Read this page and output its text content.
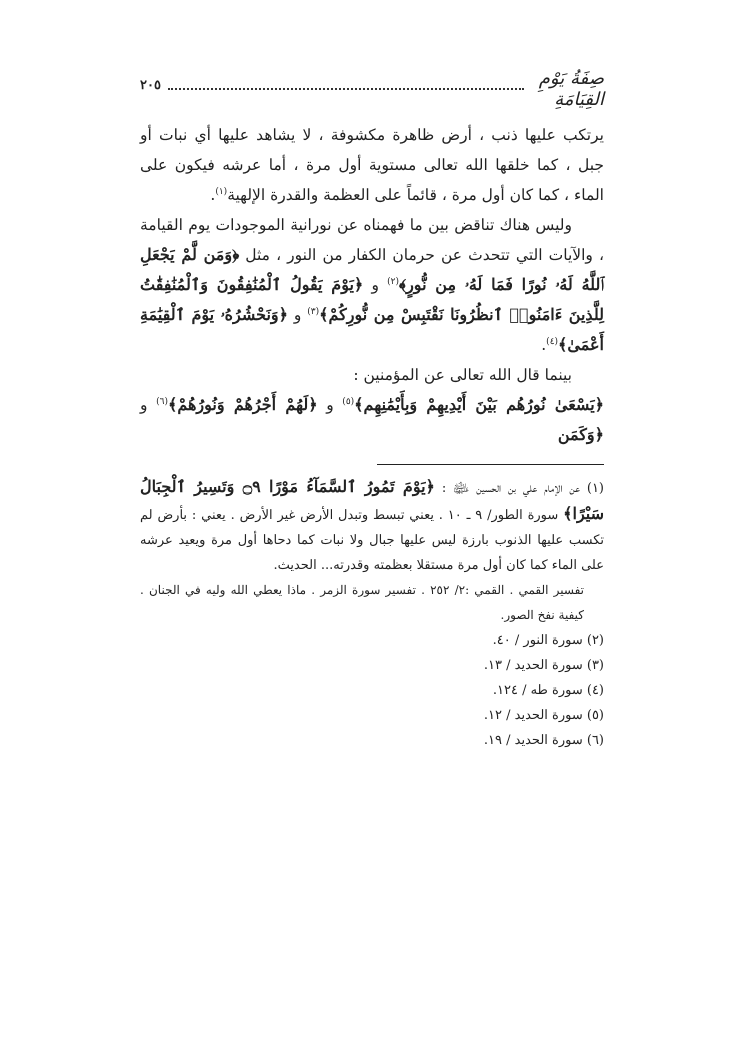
٢٠٥	صِفَةُ يَوْمِ القِيَامَةِ

يرتكب عليها ذنب ، أرض ظاهرة مكشوفة ، لا يشاهد عليها أي نبات أو جبل ، كما خلقها الله تعالى مستوية أول مرة ، أما عرشه فيكون على الماء ، كما كان أول مرة ، قائماً على العظمة والقدرة الإلهية$^{(١)}$.

وليس هناك تناقض بين ما فهمناه عن نورانية الموجودات يوم القيامة ، والآيات التي تتحدث عن حرمان الكفار من النور ، مثل ﴿وَمَن لَّمْ يَجْعَلِ ٱللَّهُ لَهُۥ نُورًا فَمَا لَهُۥ مِن نُّورٍ﴾$^{(٢)}$ و ﴿يَوْمَ يَقُولُ ٱلْمُنَٰفِقُونَ وَٱلْمُنَٰفِقَٰتُ لِلَّذِينَ ءَامَنُوا۟ ٱنظُرُونَا نَقْتَبِسْ مِن نُّورِكُمْ﴾$^{(٣)}$ و ﴿وَنَحْشُرُهُۥ يَوْمَ ٱلْقِيَٰمَةِ أَعْمَىٰ﴾$^{(٤)}$.

بينما قال الله تعالى عن المؤمنين :

﴿يَسْعَىٰ نُورُهُم بَيْنَ أَيْدِيهِمْ وَبِأَيْمَٰنِهِم﴾$^{(٥)}$ و ﴿لَهُمْ أَجْرُهُمْ وَنُورُهُمْ﴾$^{(٦)}$ و ﴿وَكَمَن

(١) عن الإمام علي بن الحسين ﵉ : ﴿يَوْمَ تَمُورُ ٱلسَّمَآءُ مَوْرًا ۝٩ وَتَسِيرُ ٱلْجِبَالُ سَيْرًا﴾ سورة الطور/ ٩ ـ ١٠ . يعني تبسط وتبدل الأرض غير الأرض . يعني : بأرض لم تكسب عليها الذنوب بارزة ليس عليها جبال ولا نبات كما دحاها أول مرة ويعيد عرشه على الماء كما كان أول مرة مستقلا بعظمته وقدرته... الحديث.

تفسير القمي . القمي :٢/ ٢٥٢ . تفسير سورة الزمر . ماذا يعطي الله وليه في الجنان . كيفية نفخ الصور.

(٢) سورة النور / ٤٠.

(٣) سورة الحديد / ١٣.

(٤) سورة طه / ١٢٤.

(٥) سورة الحديد / ١٢.

(٦) سورة الحديد / ١٩.
